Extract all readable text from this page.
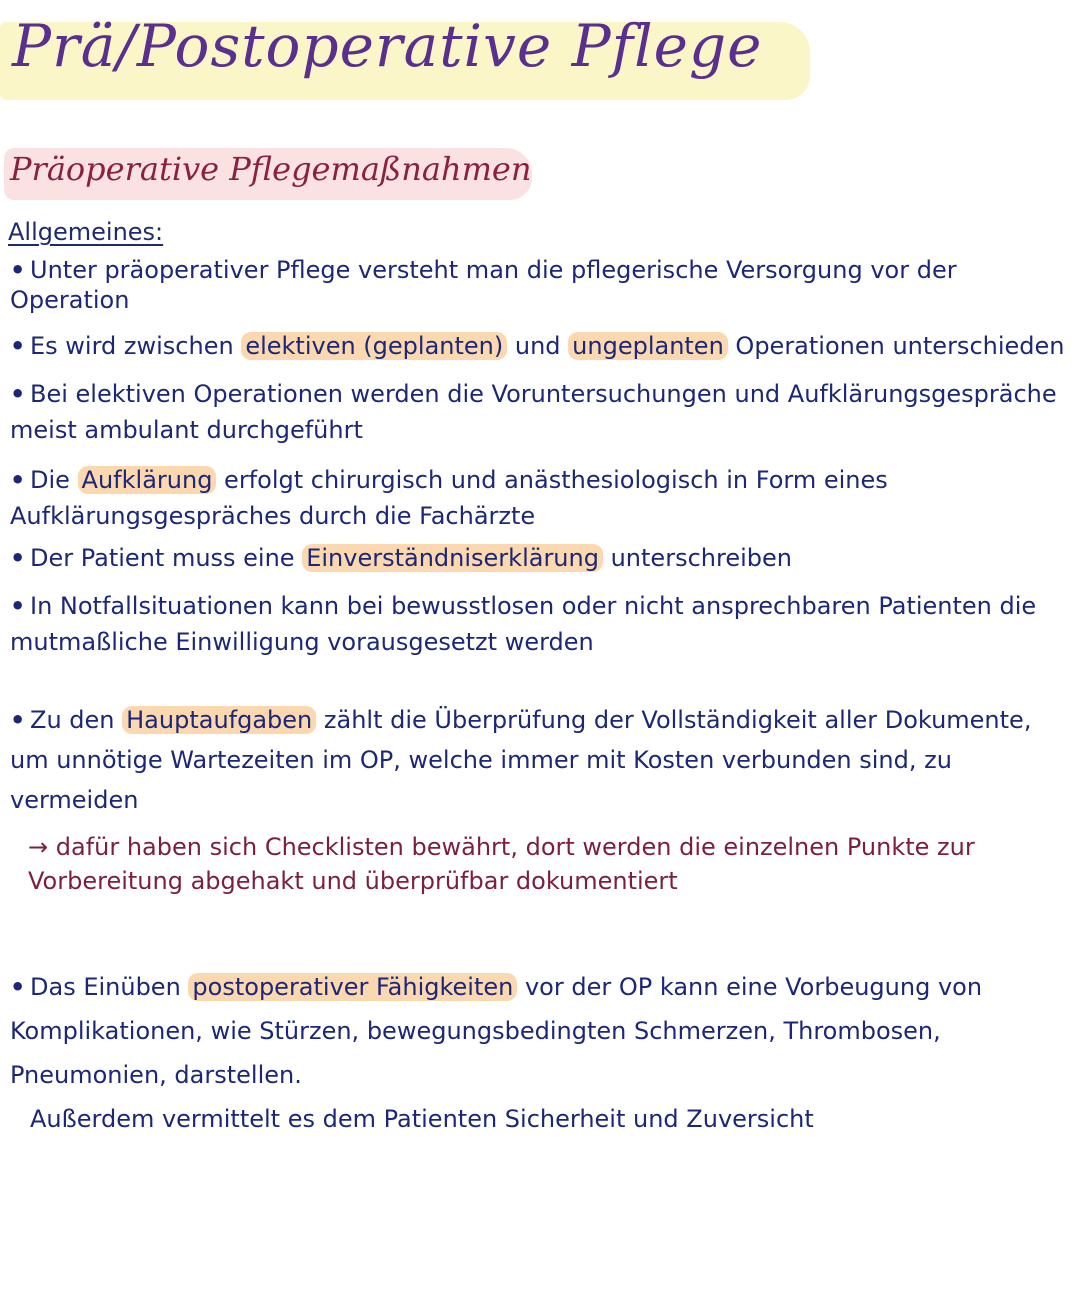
Prä/Postoperative Pflege
Präoperative Pflegemaßnahmen
Allgemeines:
• Unter präoperativer Pflege versteht man die pflegerische Versorgung vor der Operation
• Es wird zwischen elektiven (geplanten) und ungeplanten Operationen unterschieden
• Bei elektiven Operationen werden die Voruntersuchungen und Aufklärungsgespräche meist ambulant durchgeführt
• Die Aufklärung erfolgt chirurgisch und anästhesiologisch in Form eines Aufklärungsgespräches durch die Fachärzte
• Der Patient muss eine Einverständniserklärung unterschreiben
• In Notfallsituationen kann bei bewusstlosen oder nicht ansprechbaren Patienten die mutmaßliche Einwilligung vorausgesetzt werden
• Zu den Hauptaufgaben zählt die Überprüfung der Vollständigkeit aller Dokumente, um unnötige Wartezeiten im OP, welche immer mit Kosten verbunden sind, zu vermeiden
→ dafür haben sich Checklisten bewährt, dort werden die einzelnen Punkte zur Vorbereitung abgehakt und überprüfbar dokumentiert
• Das Einüben postoperativer Fähigkeiten vor der OP kann eine Vorbeugung von Komplikationen, wie Stürzen, bewegungsbedingten Schmerzen, Thrombosen, Pneumonien, darstellen.
Außerdem vermittelt es dem Patienten Sicherheit und Zuversicht
